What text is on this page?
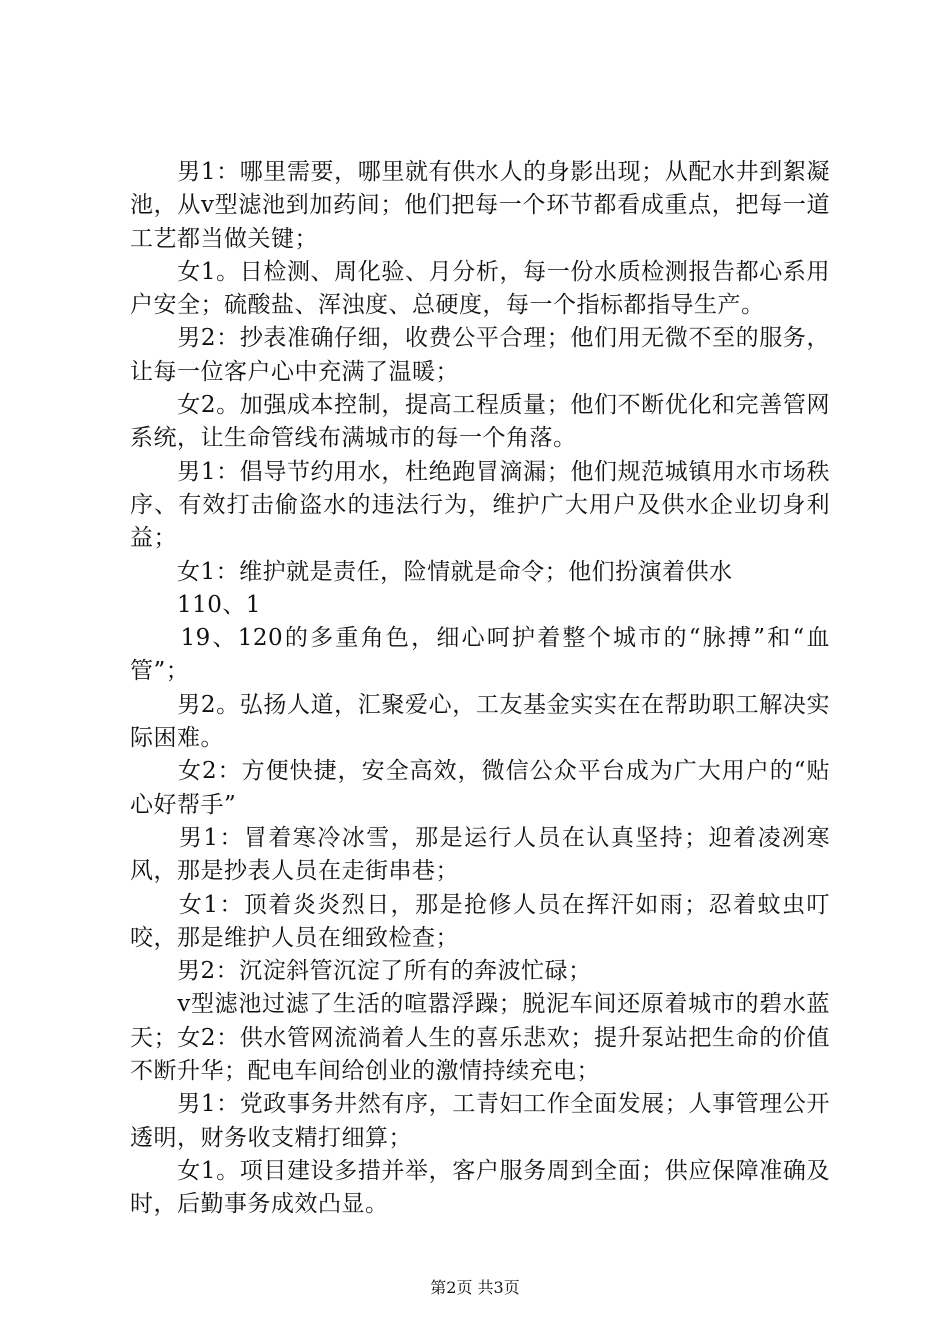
　　男1：哪里需要，哪里就有供水人的身影出现；从配水井到絮凝池，从v型滤池到加药间；他们把每一个环节都看成重点，把每一道工艺都当做关键；

　　女1。日检测、周化验、月分析，每一份水质检测报告都心系用户安全；硫酸盐、浑浊度、总硬度，每一个指标都指导生产。

　　男2：抄表准确仔细，收费公平合理；他们用无微不至的服务，让每一位客户心中充满了温暖；

　　女2。加强成本控制，提高工程质量；他们不断优化和完善管网系统，让生命管线布满城市的每一个角落。

　　男1：倡导节约用水，杜绝跑冒滴漏；他们规范城镇用水市场秩序、有效打击偷盗水的违法行为，维护广大用户及供水企业切身利益；

　　女1：维护就是责任，险情就是命令；他们扮演着供水

　　110、1

　　19、120的多重角色，细心呵护着整个城市的“脉搏”和“血管”；

　　男2。弘扬人道，汇聚爱心，工友基金实实在在帮助职工解决实际困难。

　　女2：方便快捷，安全高效，微信公众平台成为广大用户的“贴心好帮手”

　　男1：冒着寒冷冰雪，那是运行人员在认真坚持；迎着凌冽寒风，那是抄表人员在走街串巷；

　　女1：顶着炎炎烈日，那是抢修人员在挥汗如雨；忍着蚊虫叮咬，那是维护人员在细致检查；

　　男2：沉淀斜管沉淀了所有的奔波忙碌；

　　v型滤池过滤了生活的喧嚣浮躁；脱泥车间还原着城市的碧水蓝天；女2：供水管网流淌着人生的喜乐悲欢；提升泵站把生命的价值不断升华；配电车间给创业的激情持续充电；

　　男1：党政事务井然有序，工青妇工作全面发展；人事管理公开透明，财务收支精打细算；

　　女1。项目建设多措并举，客户服务周到全面；供应保障准确及时，后勤事务成效凸显。

第2页 共3页
